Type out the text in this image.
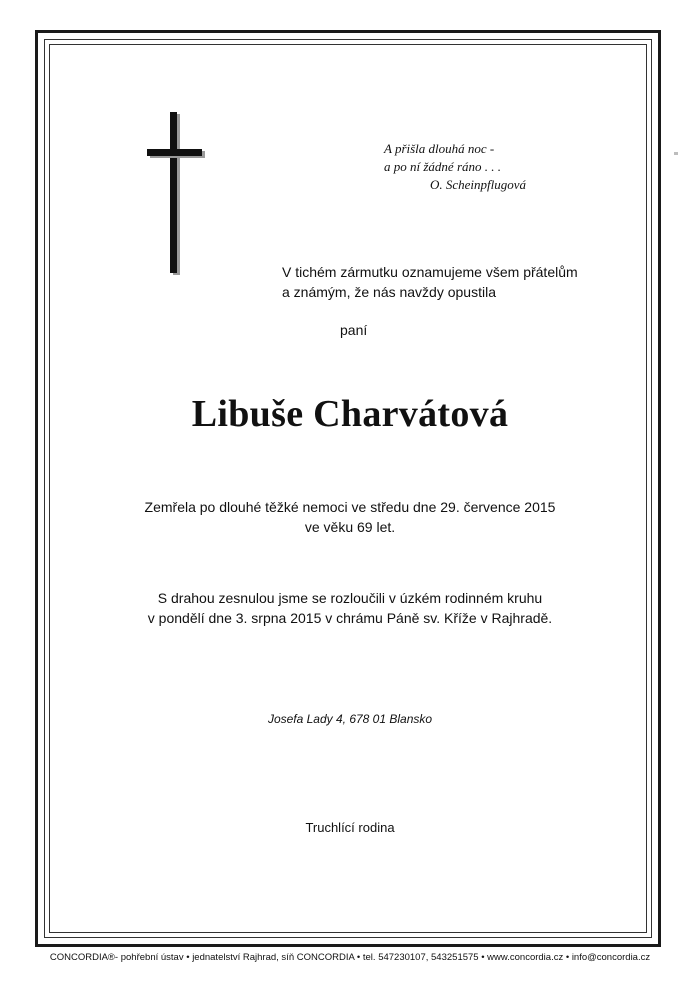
A přišla dlouhá noc -
a po ní žádné ráno . . .
O. Scheinpflugová
V tichém zármutku oznamujeme všem přátelům
a známým, že nás navždy opustila
paní
Libuše Charvátová
Zemřela po dlouhé těžké nemoci ve středu dne 29. července 2015
ve věku 69 let.
S drahou zesnulou jsme se rozloučili v úzkém rodinném kruhu
v pondělí dne 3. srpna 2015 v chrámu Páně sv. Kříže v Rajhradě.
Josefa Lady 4, 678 01 Blansko
Truchlící rodina
CONCORDIA®- pohřební ústav • jednatelství Rajhrad, síň CONCORDIA • tel. 547230107, 543251575 • www.concordia.cz • info@concordia.cz
